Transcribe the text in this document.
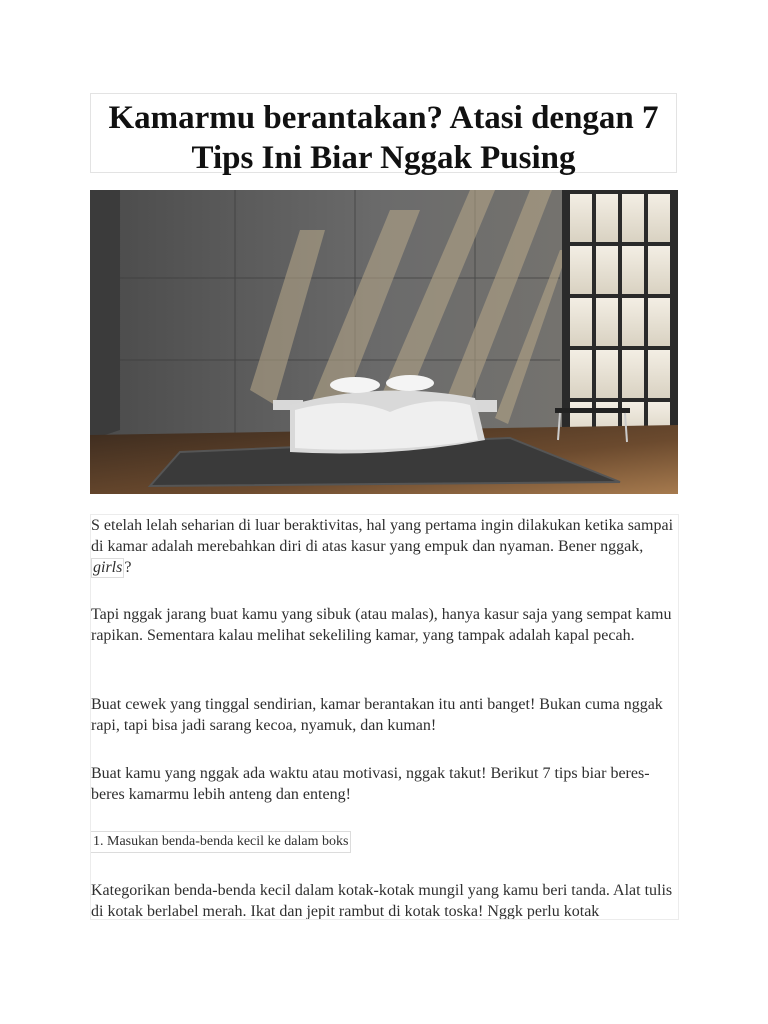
Kamarmu berantakan? Atasi dengan 7 Tips Ini Biar Nggak Pusing

S etelah lelah seharian di luar beraktivitas, hal yang pertama ingin dilakukan ketika sampai di kamar adalah merebahkan diri di atas kasur yang empuk dan nyaman. Bener nggak, girls ?

Tapi nggak jarang buat kamu yang sibuk (atau malas), hanya kasur saja yang sempat kamu rapikan. Sementara kalau melihat sekeliling kamar, yang tampak adalah kapal pecah.

Buat cewek yang tinggal sendirian, kamar berantakan itu anti banget! Bukan cuma nggak rapi, tapi bisa jadi sarang kecoa, nyamuk, dan kuman!

Buat kamu yang nggak ada waktu atau motivasi, nggak takut! Berikut 7 tips biar beres-beres kamarmu lebih anteng dan enteng!

1. Masukan benda-benda kecil ke dalam boks

Kategorikan benda-benda kecil dalam kotak-kotak mungil yang kamu beri tanda. Alat tulis di kotak berlabel merah. Ikat dan jepit rambut di kotak toska! Nggk perlu kotak
